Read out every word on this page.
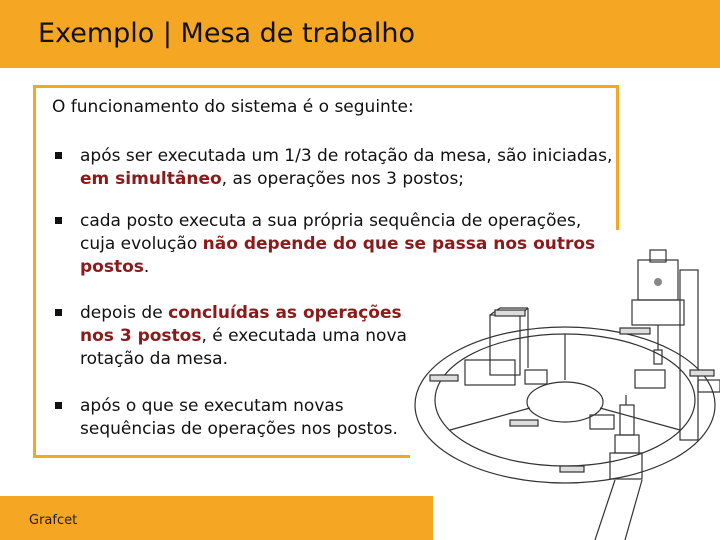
Exemplo | Mesa de trabalho
O funcionamento do sistema é o seguinte:
após ser executada um 1/3 de rotação da mesa, são iniciadas, em simultâneo, as operações nos 3 postos;
cada posto executa a sua própria sequência de operações, cuja evolução não depende do que se passa nos outros postos.
depois de concluídas as operações nos 3 postos, é executada uma nova rotação da mesa.
após o que se executam novas sequências de operações nos postos.
Grafcet
